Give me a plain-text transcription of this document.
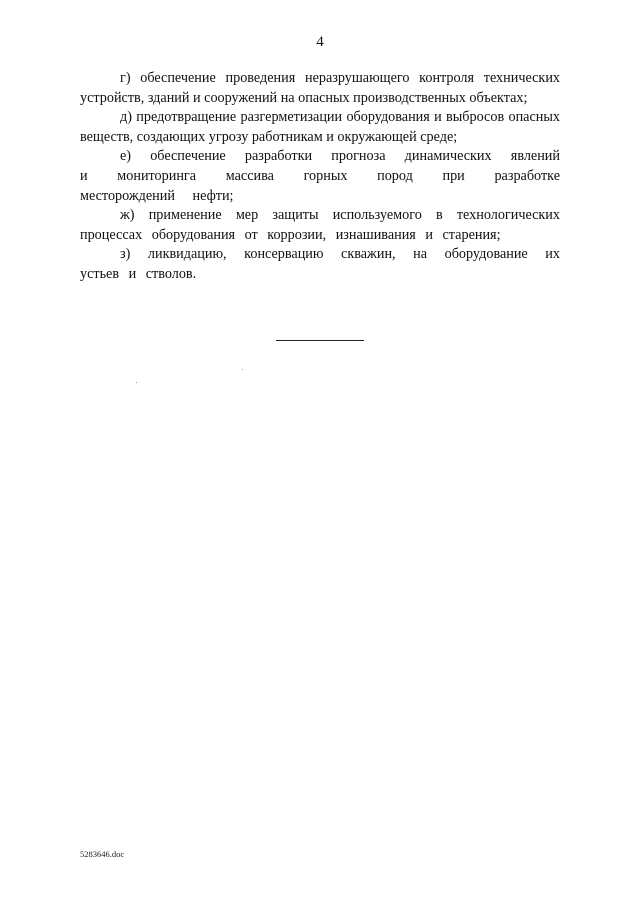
4

г) обеспечение проведения неразрушающего контроля технических устройств, зданий и сооружений на опасных производственных объектах;

д) предотвращение разгерметизации оборудования и выбросов опасных веществ, создающих угрозу работникам и окружающей среде;

е) обеспечение разработки прогноза динамических явлений и мониторинга массива горных пород при разработке месторождений нефти;

ж) применение мер защиты используемого в технологических процессах оборудования от коррозии, изнашивания и старения;

з) ликвидацию, консервацию скважин, на оборудование их устьев и стволов.

5283646.doc
